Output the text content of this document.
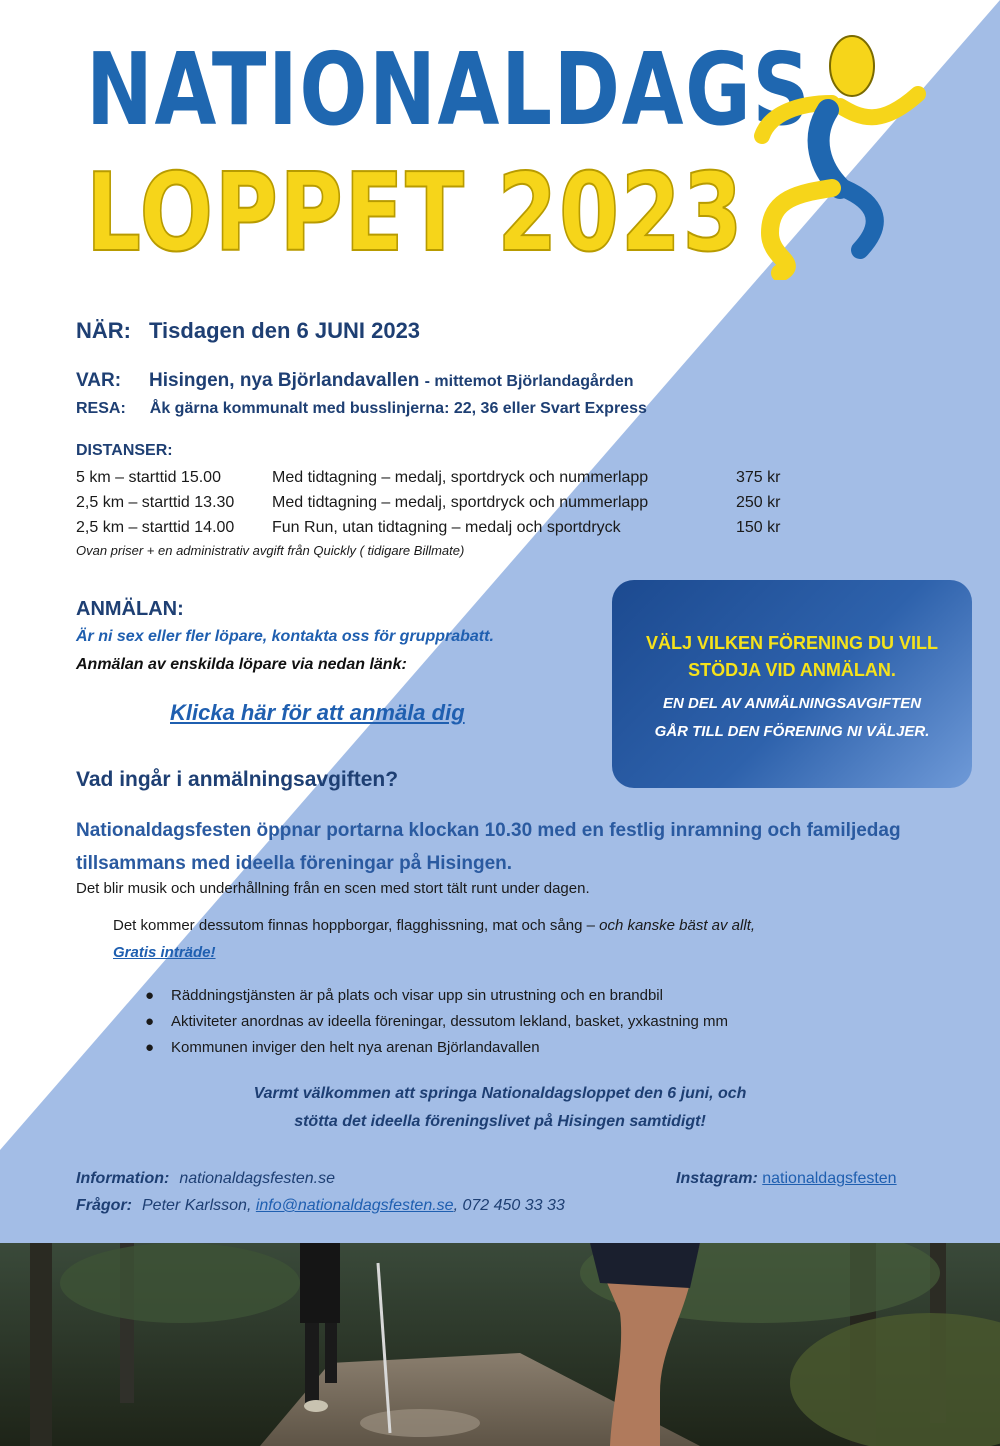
NATIONALDAGS
LOPPET 2023
NÄR: Tisdagen den 6 JUNI 2023
VAR: Hisingen, nya Björlandavallen - mittemot Björlandagården
RESA: Åk gärna kommunalt med busslinjerna: 22, 36 eller Svart Express
DISTANSER:
5 km – starttid 15.00	Med tidtagning – medalj, sportdryck och nummerlapp	375 kr
2,5 km – starttid 13.30 Med tidtagning – medalj, sportdryck och nummerlapp	250 kr
2,5 km – starttid 14.00 Fun Run, utan tidtagning – medalj och sportdryck	150 kr
Ovan priser + en administrativ avgift från Quickly ( tidigare Billmate)
ANMÄLAN:
Är ni sex eller fler löpare, kontakta oss för grupprabatt.
Anmälan av enskilda löpare via nedan länk:
Klicka här för att anmäla dig
VÄLJ VILKEN FÖRENING DU VILL
STÖDJA VID ANMÄLAN.
EN DEL AV ANMÄLNINGSAVGIFTEN
GÅR TILL DEN FÖRENING NI VÄLJER.
Vad ingår i anmälningsavgiften?
Nationaldagsfesten öppnar portarna klockan 10.30 med en festlig inramning och familjedag tillsammans med ideella föreningar på Hisingen.
Det blir musik och underhållning från en scen med stort tält runt under dagen.
Det kommer dessutom finnas hoppborgar, flagghissning, mat och sång – och kanske bäst av allt,
Gratis inträde!
● Räddningstjänsten är på plats och visar upp sin utrustning och en brandbil
● Aktiviteter anordnas av ideella föreningar, dessutom lekland, basket, yxkastning mm
● Kommunen inviger den helt nya arenan Björlandavallen
Varmt välkommen att springa Nationaldagsloppet den 6 juni, och
stötta det ideella föreningslivet på Hisingen samtidigt!
Information: nationaldagsfesten.se	Instagram: nationaldagsfesten
Frågor: Peter Karlsson, info@nationaldagsfesten.se, 072 450 33 33
